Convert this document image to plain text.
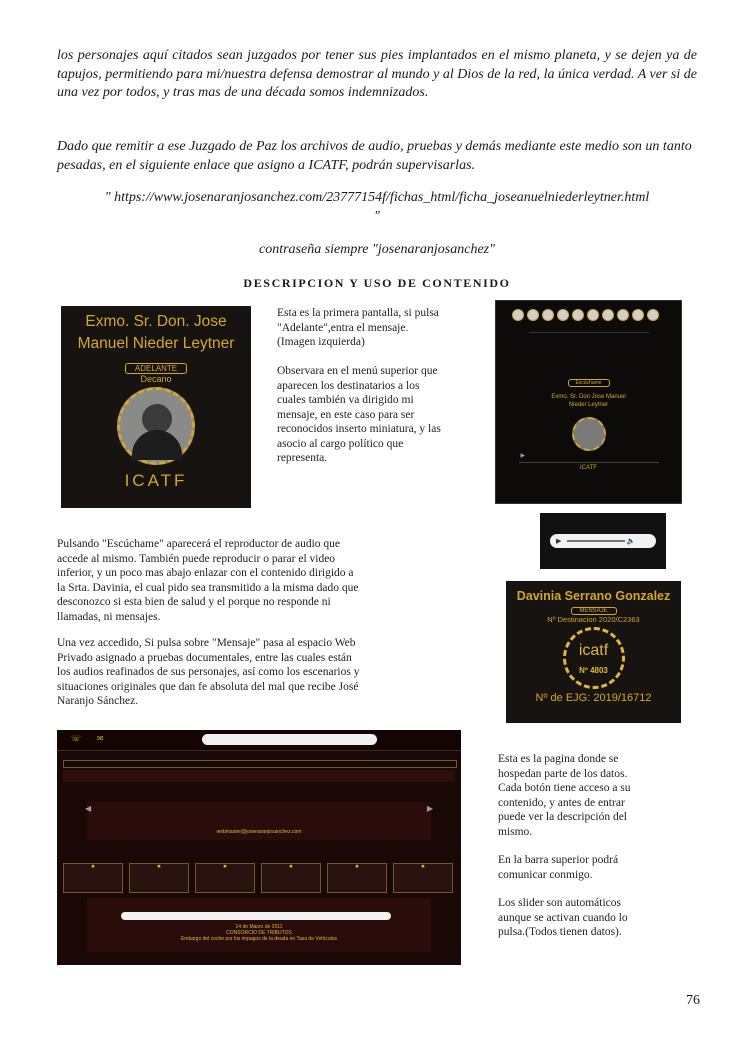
los personajes aquí citados sean juzgados por tener sus pies implantados en el mismo planeta, y se dejen ya de tapujos, permitiendo para mi/nuestra defensa demostrar al mundo y al Dios de la red, la única verdad. A ver si de una vez por todos, y tras mas de una década somos indemnizados.
Dado que remitir a ese Juzgado de Paz los archivos de audio, pruebas y demás mediante este medio son un tanto pesadas, en el siguiente enlace que asigno a ICATF, podrán supervisarlas.
" https://www.josenaranjosanchez.com/23777154f/fichas_html/ficha_joseanuelniederleytner.html
"
contraseña siempre "josenaranjosanchez"
DESCRIPCION Y USO DE CONTENIDO
Exmo. Sr. Don. Jose Manuel Nieder Leytner
ADELANTE
Decano
ICATF
Esta es la primera pantalla, si pulsa "Adelante",entra el mensaje. (Imagen izquierda)
Observara en el menú superior que aparecen los destinatarios a los cuales también va dirigido mi mensaje, en este caso para ser reconocidos inserto miniatura, y las asocio al cargo político que representa.
Escúchame
Exmo. Sr. Don Jose Manuel Nieder Leytner
▶
ICATF
▶	🔈
Pulsando "Escúchame" aparecerá el reproductor de audio que accede al mismo. También puede reproducir o parar el video inferior, y un poco mas abajo enlazar con el contenido dirigido a la Srta. Davinia, el cual pido sea transmitido a la misma dado que desconozco si esta bien de salud y el porque no responde ni llamadas, ni mensajes.
Una vez accedido, Si pulsa sobre "Mensaje" pasa al espacio Web Privado asignado a pruebas documentales, entre las cuales están los audios reafinados de sus personajes, así como los escenarios y situaciones originales que dan fe absoluta del mal que recibe José Naranjo Sánchez.
Davinia Serrano Gonzalez
MENSAJE
Nº Destinacion 2020/C2363
icatf
Nº 4803
Nº de EJG: 2019/16712
☏ ✉
◀	▶
webmaster@josenaranjosanchez.com
✸	✸	✸	✸	✸	✸
14 de Marzo de 2011
CONSORCIO DE TRIBUTOS
Embargo del coche por los impagos de la deuda en Tasa de Vehículos
Esta es la pagina donde se hospedan parte de los datos. Cada botón tiene acceso a su contenido, y antes de entrar puede ver la descripción del mismo.
En la barra superior podrá comunicar conmigo.
Los slider son automáticos aunque se activan cuando lo pulsa.(Todos tienen datos).
76
